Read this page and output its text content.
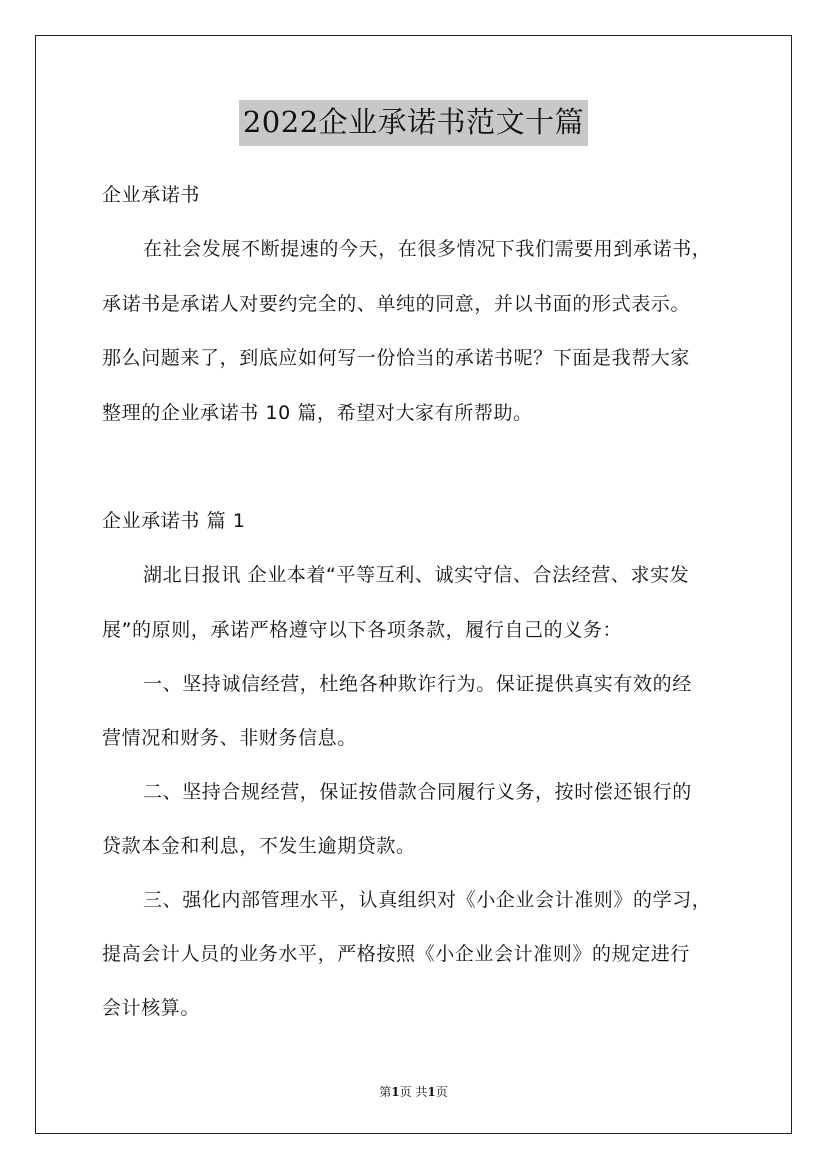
2022企业承诺书范文十篇
企业承诺书
在社会发展不断提速的今天，在很多情况下我们需要用到承诺书，
承诺书是承诺人对要约完全的、单纯的同意，并以书面的形式表示。
那么问题来了，到底应如何写一份恰当的承诺书呢？下面是我帮大家
整理的企业承诺书 10 篇，希望对大家有所帮助。
企业承诺书 篇 1
湖北日报讯 企业本着“平等互利、诚实守信、合法经营、求实发
展”的原则，承诺严格遵守以下各项条款，履行自己的义务：
一、坚持诚信经营，杜绝各种欺诈行为。保证提供真实有效的经
营情况和财务、非财务信息。
二、坚持合规经营，保证按借款合同履行义务，按时偿还银行的
贷款本金和利息，不发生逾期贷款。
三、强化内部管理水平，认真组织对《小企业会计准则》的学习，
提高会计人员的业务水平，严格按照《小企业会计准则》的规定进行
会计核算。
第1页 共1页
